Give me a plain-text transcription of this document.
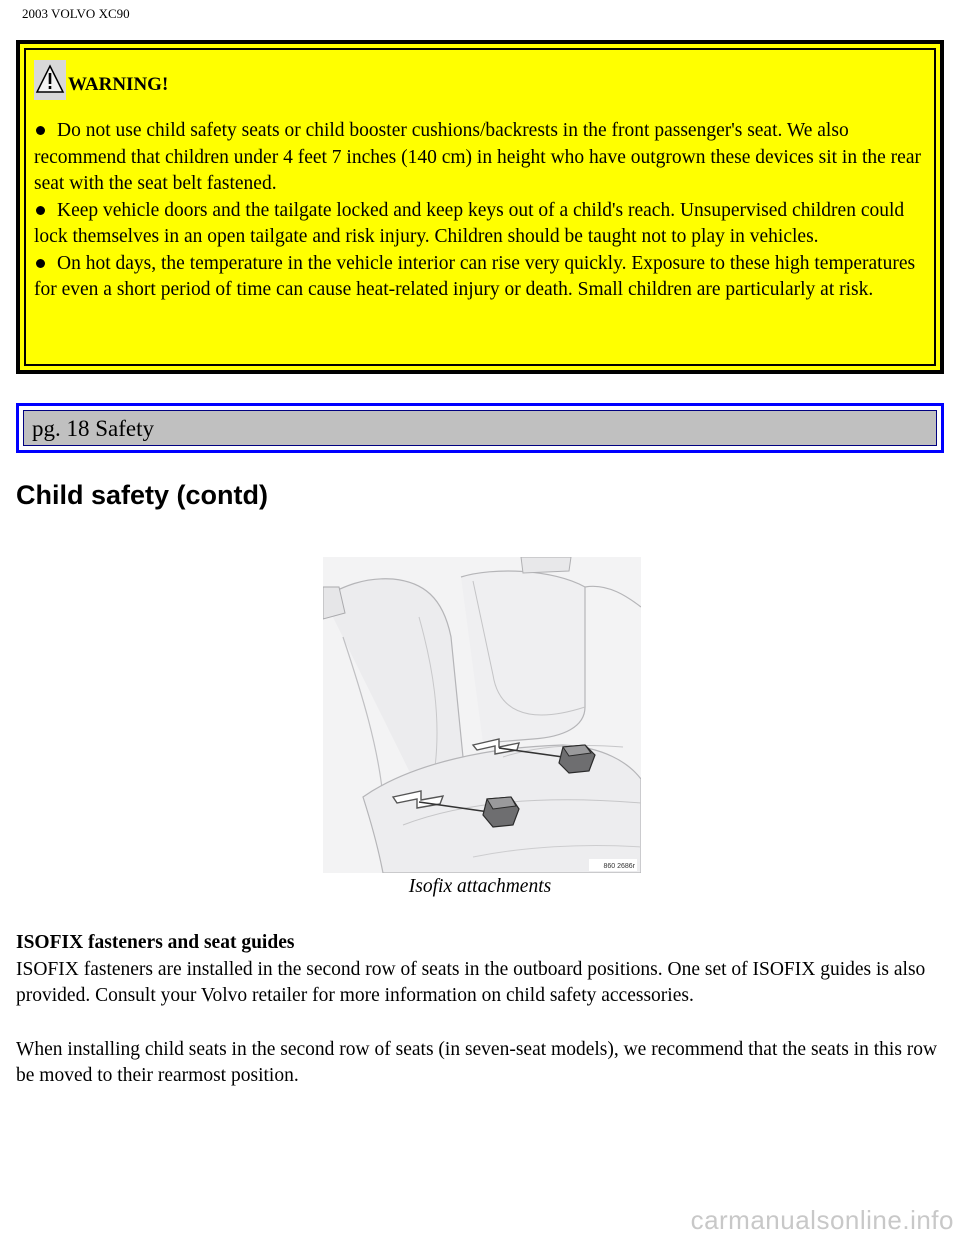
2003 VOLVO XC90
WARNING!

Do not use child safety seats or child booster cushions/backrests in the front passenger's seat. We also recommend that children under 4 feet 7 inches (140 cm) in height who have outgrown these devices sit in the rear seat with the seat belt fastened.

Keep vehicle doors and the tailgate locked and keep keys out of a child's reach. Unsupervised children could lock themselves in an open tailgate and risk injury. Children should be taught not to play in vehicles.

On hot days, the temperature in the vehicle interior can rise very quickly. Exposure to these high temperatures for even a short period of time can cause heat-related injury or death. Small children are particularly at risk.

pg. 18 Safety
Child safety (contd)
860 2686r
Isofix attachments

ISOFIX fasteners and seat guides

ISOFIX fasteners are installed in the second row of seats in the outboard positions. One set of ISOFIX guides is also provided. Consult your Volvo retailer for more information on child safety accessories.

When installing child seats in the second row of seats (in seven-seat models), we recommend that the seats in this row be moved to their rearmost position.

carmanualsonline.info
